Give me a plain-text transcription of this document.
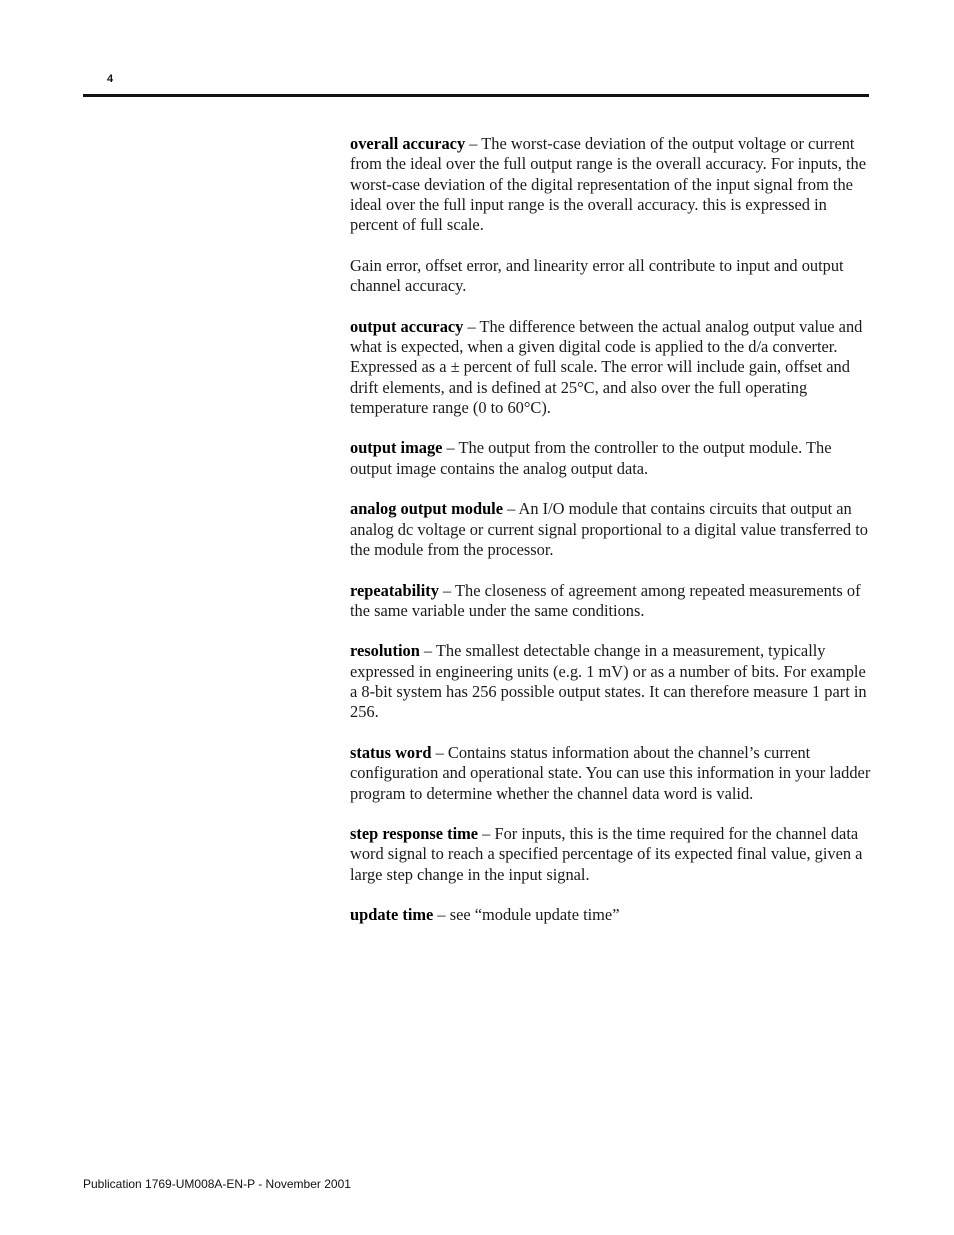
4

overall accuracy – The worst-case deviation of the output voltage or current from the ideal over the full output range is the overall accuracy. For inputs, the worst-case deviation of the digital representation of the input signal from the ideal over the full input range is the overall accuracy. this is expressed in percent of full scale.

Gain error, offset error, and linearity error all contribute to input and output channel accuracy.

output accuracy – The difference between the actual analog output value and what is expected, when a given digital code is applied to the d/a converter. Expressed as a ± percent of full scale. The error will include gain, offset and drift elements, and is defined at 25°C, and also over the full operating temperature range (0 to 60°C).

output image – The output from the controller to the output module. The output image contains the analog output data.

analog output module – An I/O module that contains circuits that output an analog dc voltage or current signal proportional to a digital value transferred to the module from the processor.

repeatability – The closeness of agreement among repeated measurements of the same variable under the same conditions.

resolution – The smallest detectable change in a measurement, typically expressed in engineering units (e.g. 1 mV) or as a number of bits. For example a 8-bit system has 256 possible output states. It can therefore measure 1 part in 256.

status word – Contains status information about the channel’s current configuration and operational state. You can use this information in your ladder program to determine whether the channel data word is valid.

step response time – For inputs, this is the time required for the channel data word signal to reach a specified percentage of its expected final value, given a large step change in the input signal.

update time – see “module update time”

Publication 1769-UM008A-EN-P - November 2001
